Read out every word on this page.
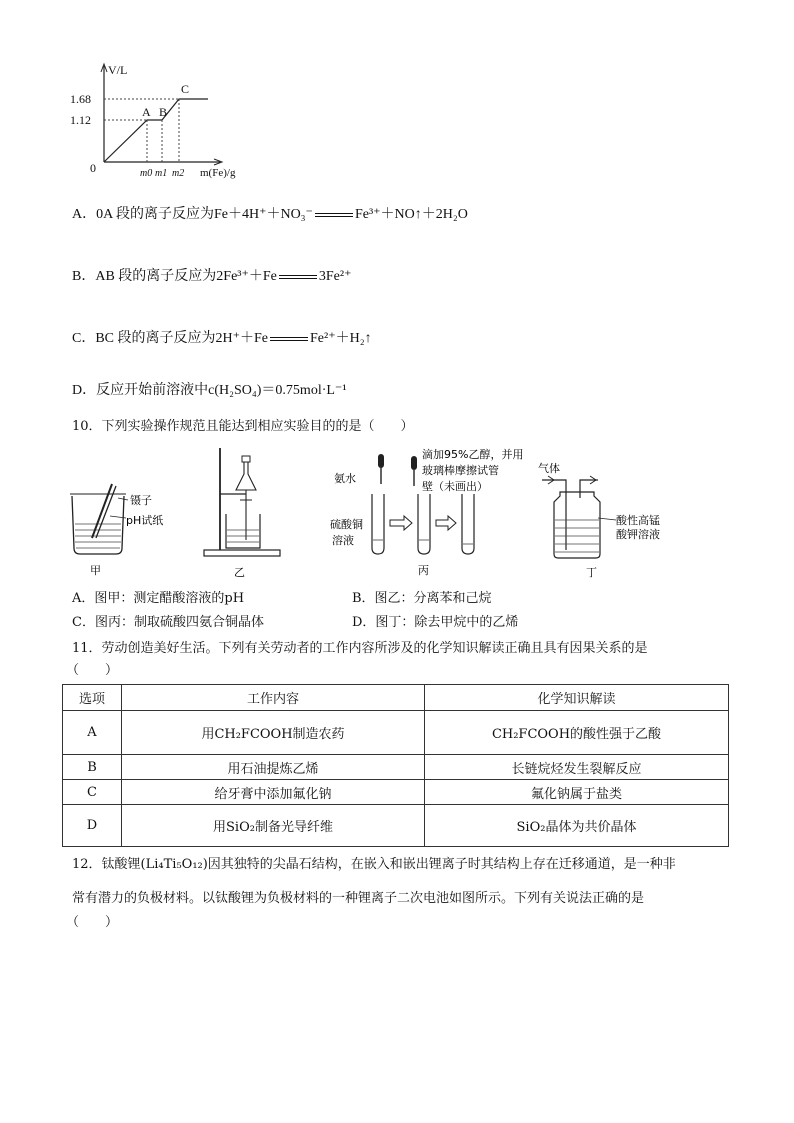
V/L
m(Fe)/g
0
1.12
1.68
m0 m1 m2
A B
C
A．0A 段的离子反应为Fe＋4H⁺＋NO₃⁻	Fe³⁺＋NO↑＋2H₂O
B．AB 段的离子反应为2Fe³⁺＋Fe	3Fe²⁺
C．BC 段的离子反应为2H⁺＋Fe	Fe²⁺＋H₂↑
D．反应开始前溶液中c(H₂SO₄)＝0.75mol·L⁻¹
10．下列实验操作规范且能达到相应实验目的的是（　　）
镊子
pH试纸
甲	乙
氨水
滴加95%乙醇，并用
玻璃棒摩擦试管
壁（未画出）
硫酸铜
溶液
丙
气体
酸性高锰
酸钾溶液
丁
A．图甲：测定醋酸溶液的pH	B．图乙：分离苯和己烷
C．图丙：制取硫酸四氨合铜晶体	D．图丁：除去甲烷中的乙烯
11．劳动创造美好生活。下列有关劳动者的工作内容所涉及的化学知识解读正确且具有因果关系的是
（　　）
选项	工作内容	化学知识解读
A	用CH₂FCOOH制造农药	CH₂FCOOH的酸性强于乙酸
B	用石油提炼乙烯	长链烷烃发生裂解反应
C	给牙膏中添加氟化钠	氟化钠属于盐类
D	用SiO₂制备光导纤维	SiO₂晶体为共价晶体
12．钛酸锂(Li₄Ti₅O₁₂)因其独特的尖晶石结构，在嵌入和嵌出锂离子时其结构上存在迁移通道，是一种非
常有潜力的负极材料。以钛酸锂为负极材料的一种锂离子二次电池如图所示。下列有关说法正确的是
（　　）
